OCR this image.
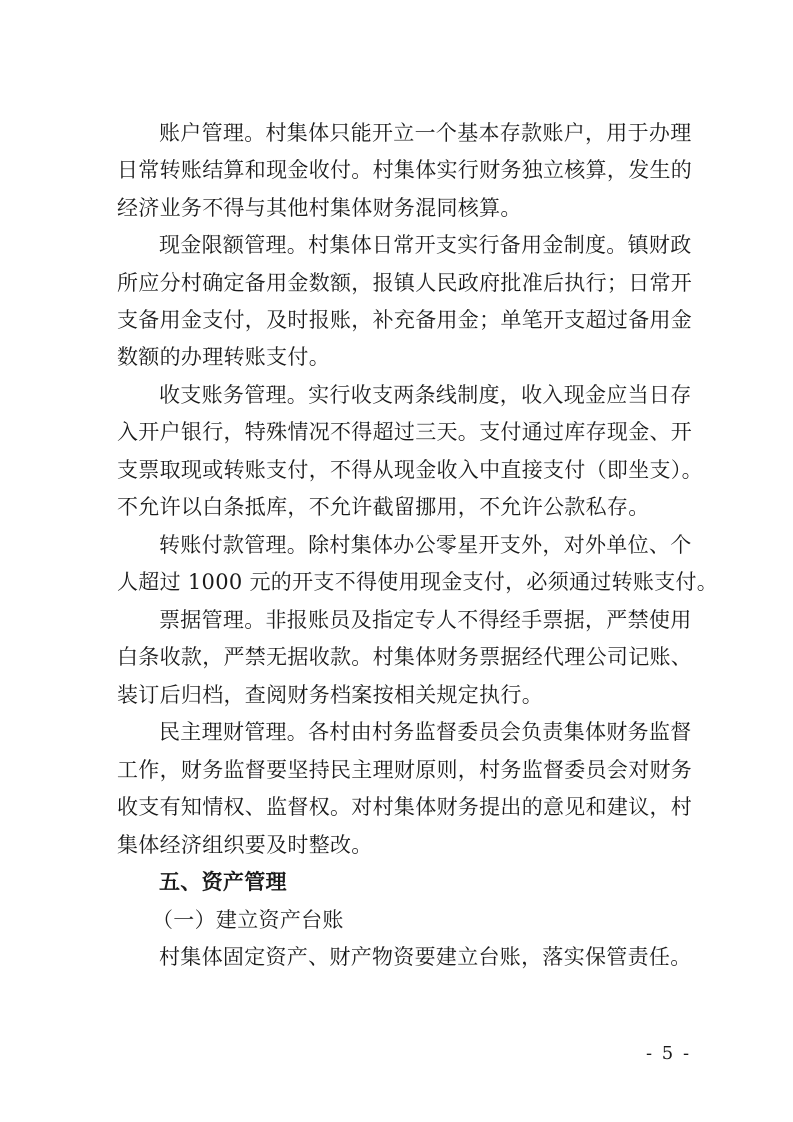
账户管理。村集体只能开立一个基本存款账户，用于办理
日常转账结算和现金收付。村集体实行财务独立核算，发生的
经济业务不得与其他村集体财务混同核算。
现金限额管理。村集体日常开支实行备用金制度。镇财政
所应分村确定备用金数额，报镇人民政府批准后执行；日常开
支备用金支付，及时报账，补充备用金；单笔开支超过备用金
数额的办理转账支付。
收支账务管理。实行收支两条线制度，收入现金应当日存
入开户银行，特殊情况不得超过三天。支付通过库存现金、开
支票取现或转账支付，不得从现金收入中直接支付（即坐支）。
不允许以白条抵库，不允许截留挪用，不允许公款私存。
转账付款管理。除村集体办公零星开支外，对外单位、个
人超过 1000 元的开支不得使用现金支付，必须通过转账支付。
票据管理。非报账员及指定专人不得经手票据，严禁使用
白条收款，严禁无据收款。村集体财务票据经代理公司记账、
装订后归档，查阅财务档案按相关规定执行。
民主理财管理。各村由村务监督委员会负责集体财务监督
工作，财务监督要坚持民主理财原则，村务监督委员会对财务
收支有知情权、监督权。对村集体财务提出的意见和建议，村
集体经济组织要及时整改。
五、资产管理
（一）建立资产台账
村集体固定资产、财产物资要建立台账，落实保管责任。
- 5 -
